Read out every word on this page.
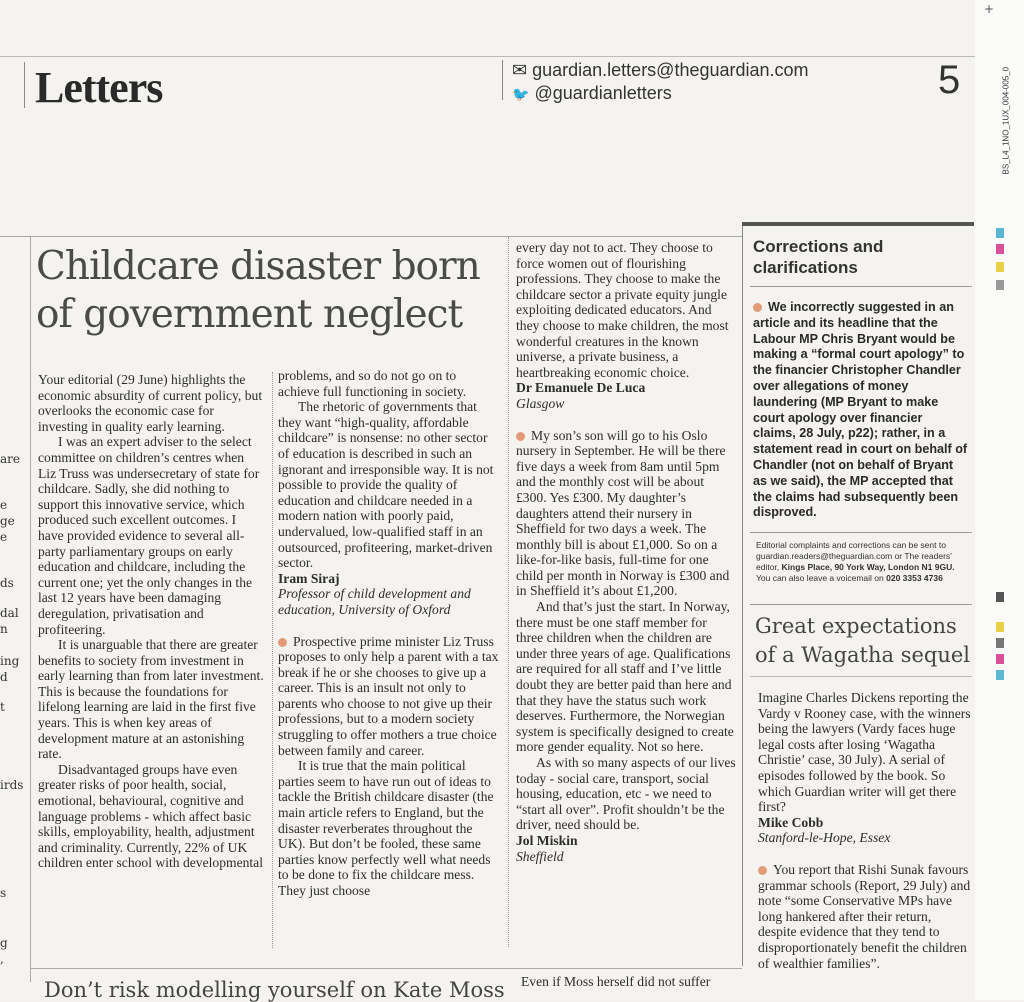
are
e
ge
e
ds
dal
n
ing
d
t
irds
s
g
,
Letters	✉ guardian.letters@theguardian.com
🐦 @guardianletters	5
Childcare disaster born of government neglect

Your editorial (29 June) highlights the economic absurdity of current policy, but overlooks the economic case for investing in quality early learning.

I was an expert adviser to the select committee on children’s centres when Liz Truss was undersecretary of state for childcare. Sadly, she did nothing to support this innovative service, which produced such excellent outcomes. I have provided evidence to several all-party parliamentary groups on early education and childcare, including the current one; yet the only changes in the last 12 years have been damaging deregulation, privatisation and profiteering.

It is unarguable that there are greater benefits to society from investment in early learning than from later investment. This is because the foundations for lifelong learning are laid in the first five years. This is when key areas of development mature at an astonishing rate.

Disadvantaged groups have even greater risks of poor health, social, emotional, behavioural, cognitive and language problems - which affect basic skills, employability, health, adjustment and criminality. Currently, 22% of UK children enter school with developmental

problems, and so do not go on to achieve full functioning in society.

The rhetoric of governments that they want “high-quality, affordable childcare” is nonsense: no other sector of education is described in such an ignorant and irresponsible way. It is not possible to provide the quality of education and childcare needed in a modern nation with poorly paid, undervalued, low-qualified staff in an outsourced, profiteering, market-driven sector.

Iram Siraj

Professor of child development and education, University of Oxford

Prospective prime minister Liz Truss proposes to only help a parent with a tax break if he or she chooses to give up a career. This is an insult not only to parents who choose to not give up their professions, but to a modern society struggling to offer mothers a true choice between family and career.

It is true that the main political parties seem to have run out of ideas to tackle the British childcare disaster (the main article refers to England, but the disaster reverberates throughout the UK). But don’t be fooled, these same parties know perfectly well what needs to be done to fix the childcare mess. They just choose

every day not to act. They choose to force women out of flourishing professions. They choose to make the childcare sector a private equity jungle exploiting dedicated educators. And they choose to make children, the most wonderful creatures in the known universe, a private business, a heartbreaking economic choice.

Dr Emanuele De Luca

Glasgow

My son’s son will go to his Oslo nursery in September. He will be there five days a week from 8am until 5pm and the monthly cost will be about £300. Yes £300. My daughter’s daughters attend their nursery in Sheffield for two days a week. The monthly bill is about £1,000. So on a like-for-like basis, full-time for one child per month in Norway is £300 and in Sheffield it’s about £1,200.

And that’s just the start. In Norway, there must be one staff member for three children when the children are under three years of age. Qualifications are required for all staff and I’ve little doubt they are better paid than here and that they have the status such work deserves. Furthermore, the Norwegian system is specifically designed to create more gender equality. Not so here.

As with so many aspects of our lives today - social care, transport, social housing, education, etc - we need to “start all over”. Profit shouldn’t be the driver, need should be.

Jol Miskin

Sheffield

Corrections and clarifications
We incorrectly suggested in an article and its headline that the Labour MP Chris Bryant would be making a “formal court apology” to the financier Christopher Chandler over allegations of money laundering (MP Bryant to make court apology over financier claims, 28 July, p22); rather, in a statement read in court on behalf of Chandler (not on behalf of Bryant as we said), the MP accepted that the claims had subsequently been disproved.
Editorial complaints and corrections can be sent to guardian.readers@theguardian.com or The readers’ editor, Kings Place, 90 York Way, London N1 9GU. You can also leave a voicemail on 020 3353 4736
Great expectations of a Wagatha sequel

Imagine Charles Dickens reporting the Vardy v Rooney case, with the winners being the lawyers (Vardy faces huge legal costs after losing ‘Wagatha Christie’ case, 30 July). A serial of episodes followed by the book. So which Guardian writer will get there first?

Mike Cobb

Stanford-le-Hope, Essex

You report that Rishi Sunak favours grammar schools (Report, 29 July) and note “some Conservative MPs have long hankered after their return, despite evidence that they tend to disproportionately benefit the children of wealthier families”.

Don’t risk modelling yourself on Kate Moss Even if Moss herself did not suffer
BS_L4_1NO_1UX_004-005_0
+
